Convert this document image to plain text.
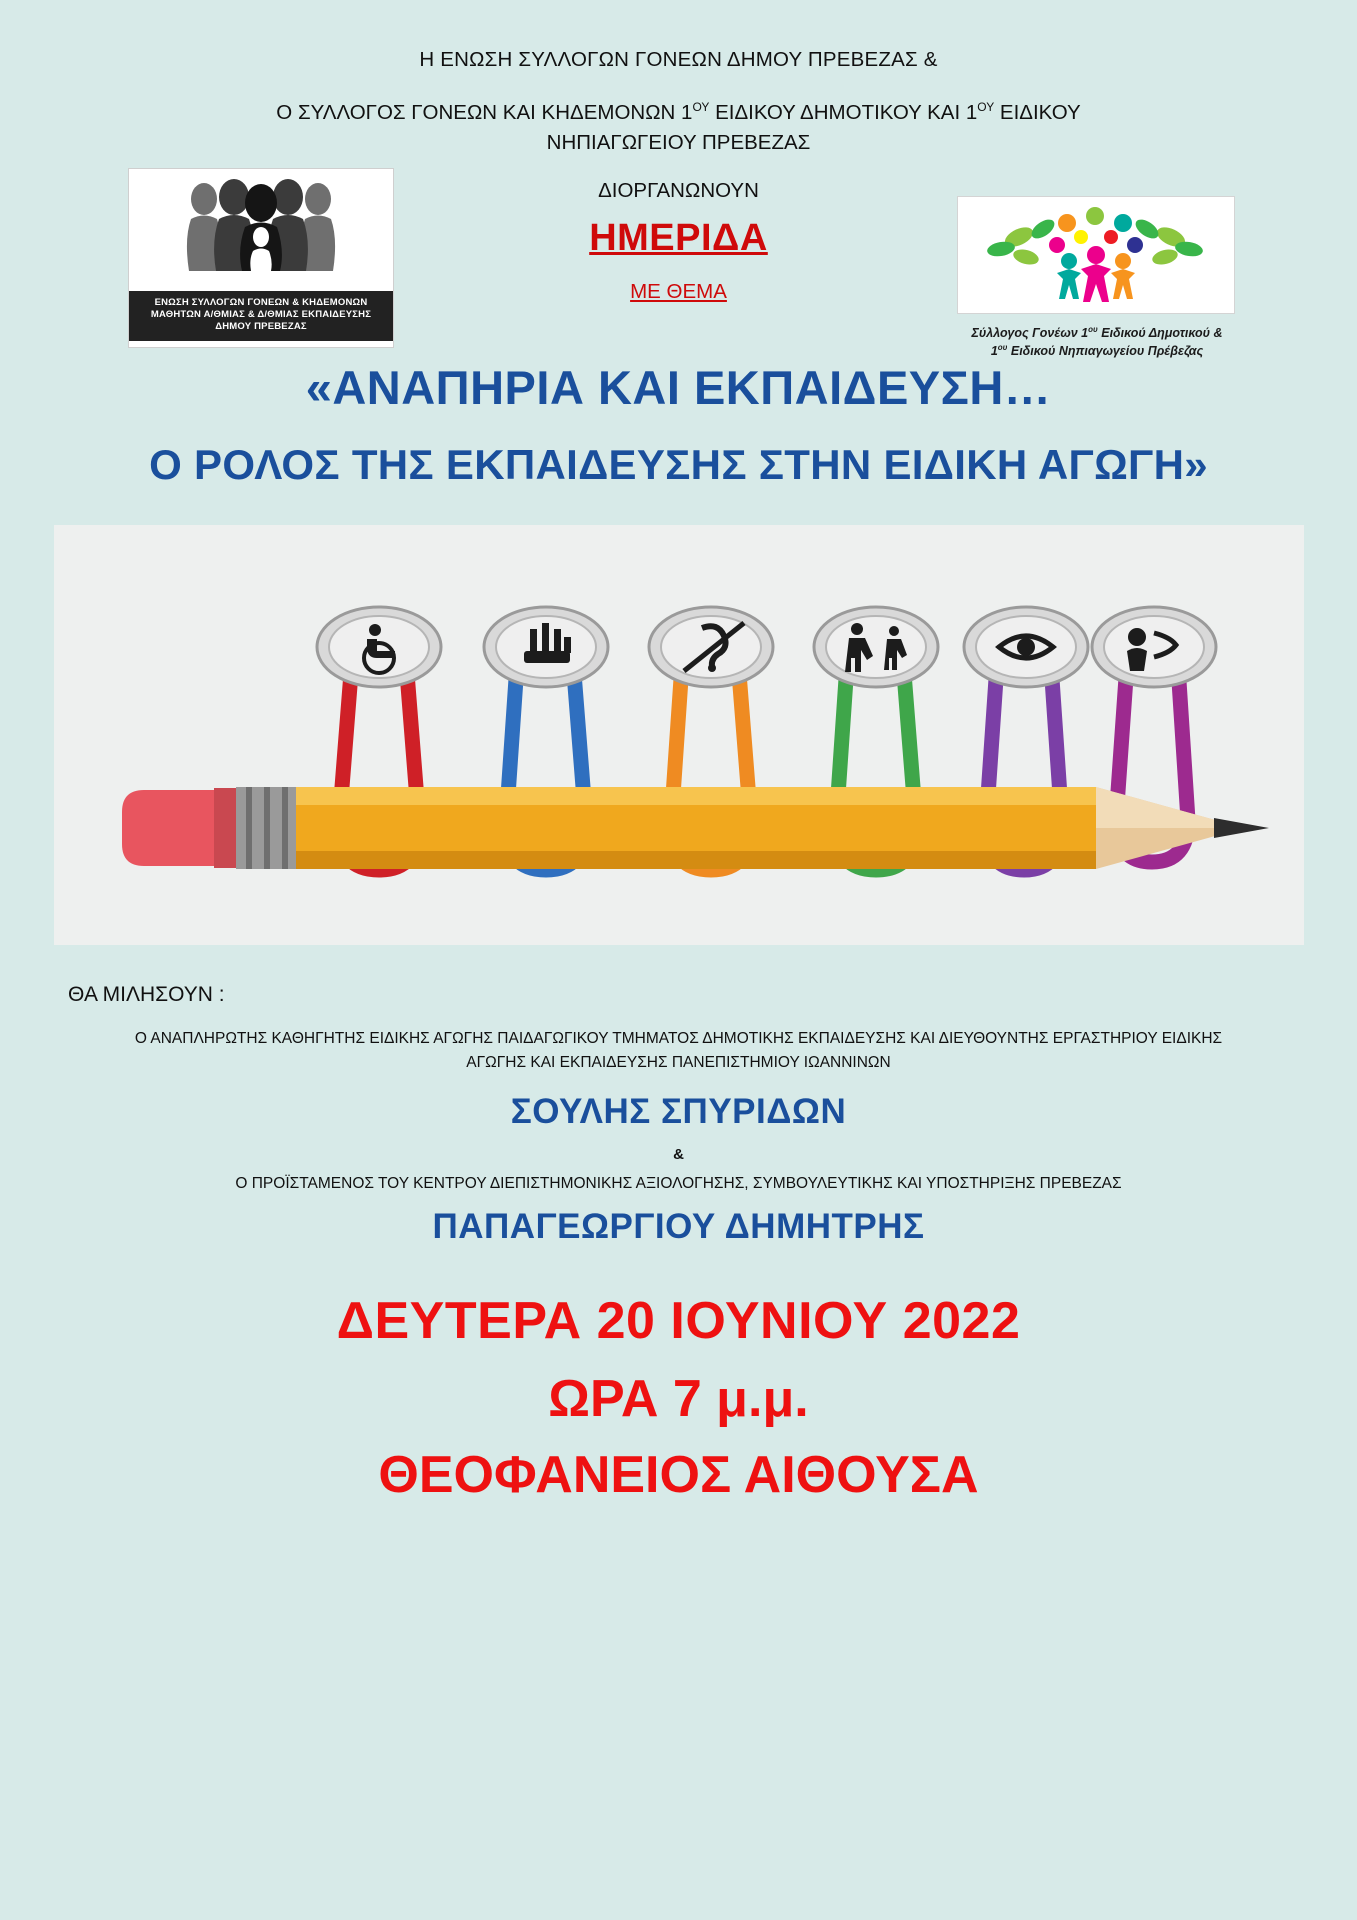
Η ΕΝΩΣΗ ΣΥΛΛΟΓΩΝ ΓΟΝΕΩΝ ΔΗΜΟΥ ΠΡΕΒΕΖΑΣ &
Ο ΣΥΛΛΟΓΟΣ ΓΟΝΕΩΝ ΚΑΙ ΚΗΔΕΜΟΝΩΝ $1^{O\Upsilon}$ ΕΙΔΙΚΟΥ ΔΗΜΟΤΙΚΟΥ ΚΑΙ $1^{O\Upsilon}$ ΕΙΔΙΚΟΥ ΝΗΠΙΑΓΩΓΕΙΟΥ ΠΡΕΒΕΖΑΣ
ΔΙΟΡΓΑΝΩΝΟΥΝ
ΗΜΕΡΙΔΑ
ΜΕ ΘΕΜΑ
ΕΝΩΣΗ ΣΥΛΛΟΓΩΝ ΓΟΝΕΩΝ & ΚΗΔΕΜΟΝΩΝ
ΜΑΘΗΤΩΝ Α/ΘΜΙΑΣ & Δ/ΘΜΙΑΣ ΕΚΠΑΙΔΕΥΣΗΣ
ΔΗΜΟΥ ΠΡΕΒΕΖΑΣ	Σύλλογος Γονέων $1^{o\upsilon}$ Ειδικού Δημοτικού &
$1^{o\upsilon}$ Ειδικού Νηπιαγωγείου Πρέβεζας
«ΑΝΑΠΗΡΙΑ ΚΑΙ ΕΚΠΑΙΔΕΥΣΗ…
Ο ΡΟΛΟΣ ΤΗΣ ΕΚΠΑΙΔΕΥΣΗΣ ΣΤΗΝ ΕΙΔΙΚΗ ΑΓΩΓΗ»
ΘΑ ΜΙΛΗΣΟΥΝ :
Ο ΑΝΑΠΛΗΡΩΤΗΣ ΚΑΘΗΓΗΤΗΣ ΕΙΔΙΚΗΣ ΑΓΩΓΗΣ ΠΑΙΔΑΓΩΓΙΚΟΥ ΤΜΗΜΑΤΟΣ ΔΗΜΟΤΙΚΗΣ ΕΚΠΑΙΔΕΥΣΗΣ ΚΑΙ ΔΙΕΥΘΟΥΝΤΗΣ ΕΡΓΑΣΤΗΡΙΟΥ ΕΙΔΙΚΗΣ
ΑΓΩΓΗΣ ΚΑΙ ΕΚΠΑΙΔΕΥΣΗΣ ΠΑΝΕΠΙΣΤΗΜΙΟΥ ΙΩΑΝΝΙΝΩΝ
ΣΟΥΛΗΣ ΣΠΥΡΙΔΩΝ
&
Ο ΠΡΟΪΣΤΑΜΕΝΟΣ ΤΟΥ ΚΕΝΤΡΟΥ ΔΙΕΠΙΣΤΗΜΟΝΙΚΗΣ ΑΞΙΟΛΟΓΗΣΗΣ, ΣΥΜΒΟΥΛΕΥΤΙΚΗΣ ΚΑΙ ΥΠΟΣΤΗΡΙΞΗΣ ΠΡΕΒΕΖΑΣ
ΠΑΠΑΓΕΩΡΓΙΟΥ ΔΗΜΗΤΡΗΣ
ΔΕΥΤΕΡΑ 20 ΙΟΥΝΙΟΥ 2022
ΩΡΑ 7 μ.μ.
ΘΕΟΦΑΝΕΙΟΣ ΑΙΘΟΥΣΑ
